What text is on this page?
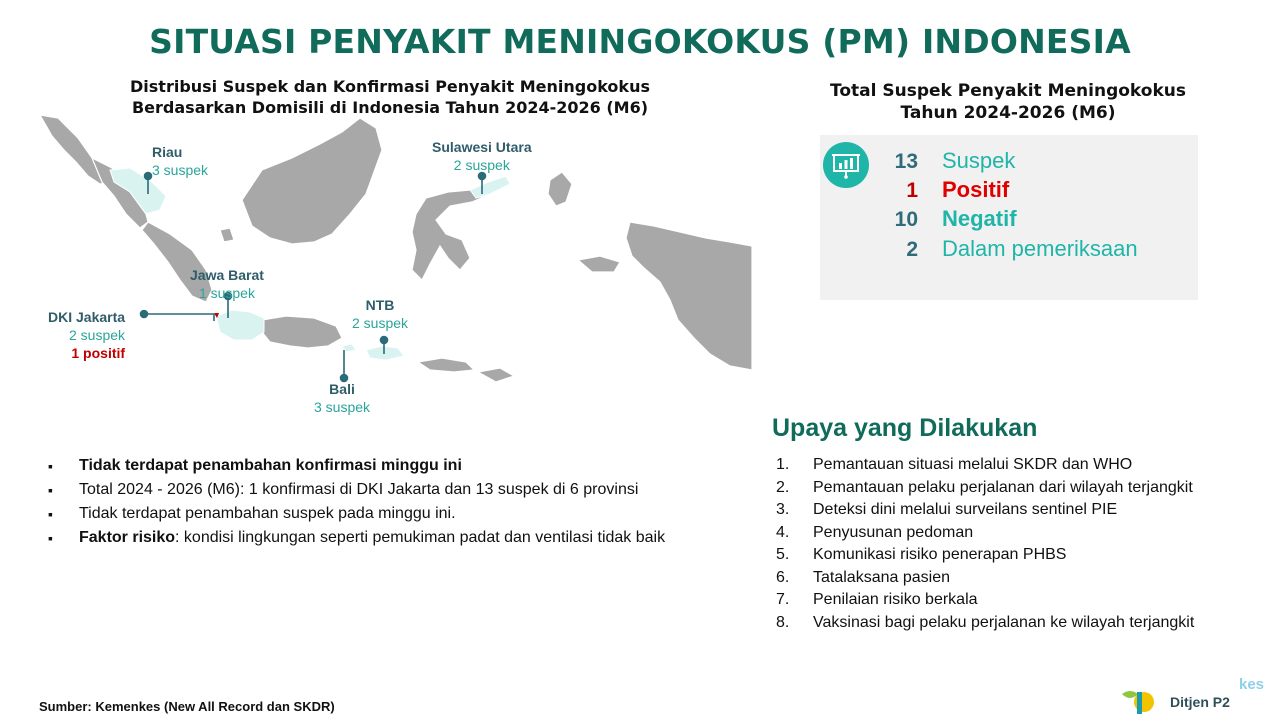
SITUASI PENYAKIT MENINGOKOKUS (PM) INDONESIA
Distribusi Suspek dan Konfirmasi Penyakit Meningokokus
Berdasarkan Domisili di Indonesia Tahun 2024-2026 (M6)
Riau
3 suspek
Sulawesi Utara
2 suspek
Jawa Barat
1 suspek
DKI Jakarta
2 suspek
1 positif
NTB
2 suspek
Bali
3 suspek
Total Suspek Penyakit Meningokokus
Tahun 2024-2026 (M6)
13 Suspek
1 Positif
10 Negatif
2 Dalam pemeriksaan
▪ Tidak terdapat penambahan konfirmasi minggu ini
▪ Total 2024 - 2026 (M6): 1 konfirmasi di DKI Jakarta dan 13 suspek di 6 provinsi
▪ Tidak terdapat penambahan suspek pada minggu ini.
▪ Faktor risiko: kondisi lingkungan seperti pemukiman padat dan ventilasi tidak baik
Upaya yang Dilakukan
1. Pemantauan situasi melalui SKDR dan WHO
2. Pemantauan pelaku perjalanan dari wilayah terjangkit
3. Deteksi dini melalui surveilans sentinel PIE
4. Penyusunan pedoman
5. Komunikasi risiko penerapan PHBS
6. Tatalaksana pasien
7. Penilaian risiko berkala
8. Vaksinasi bagi pelaku perjalanan ke wilayah terjangkit
Sumber: Kemenkes (New All Record dan SKDR)	Ditjen P2
kes
